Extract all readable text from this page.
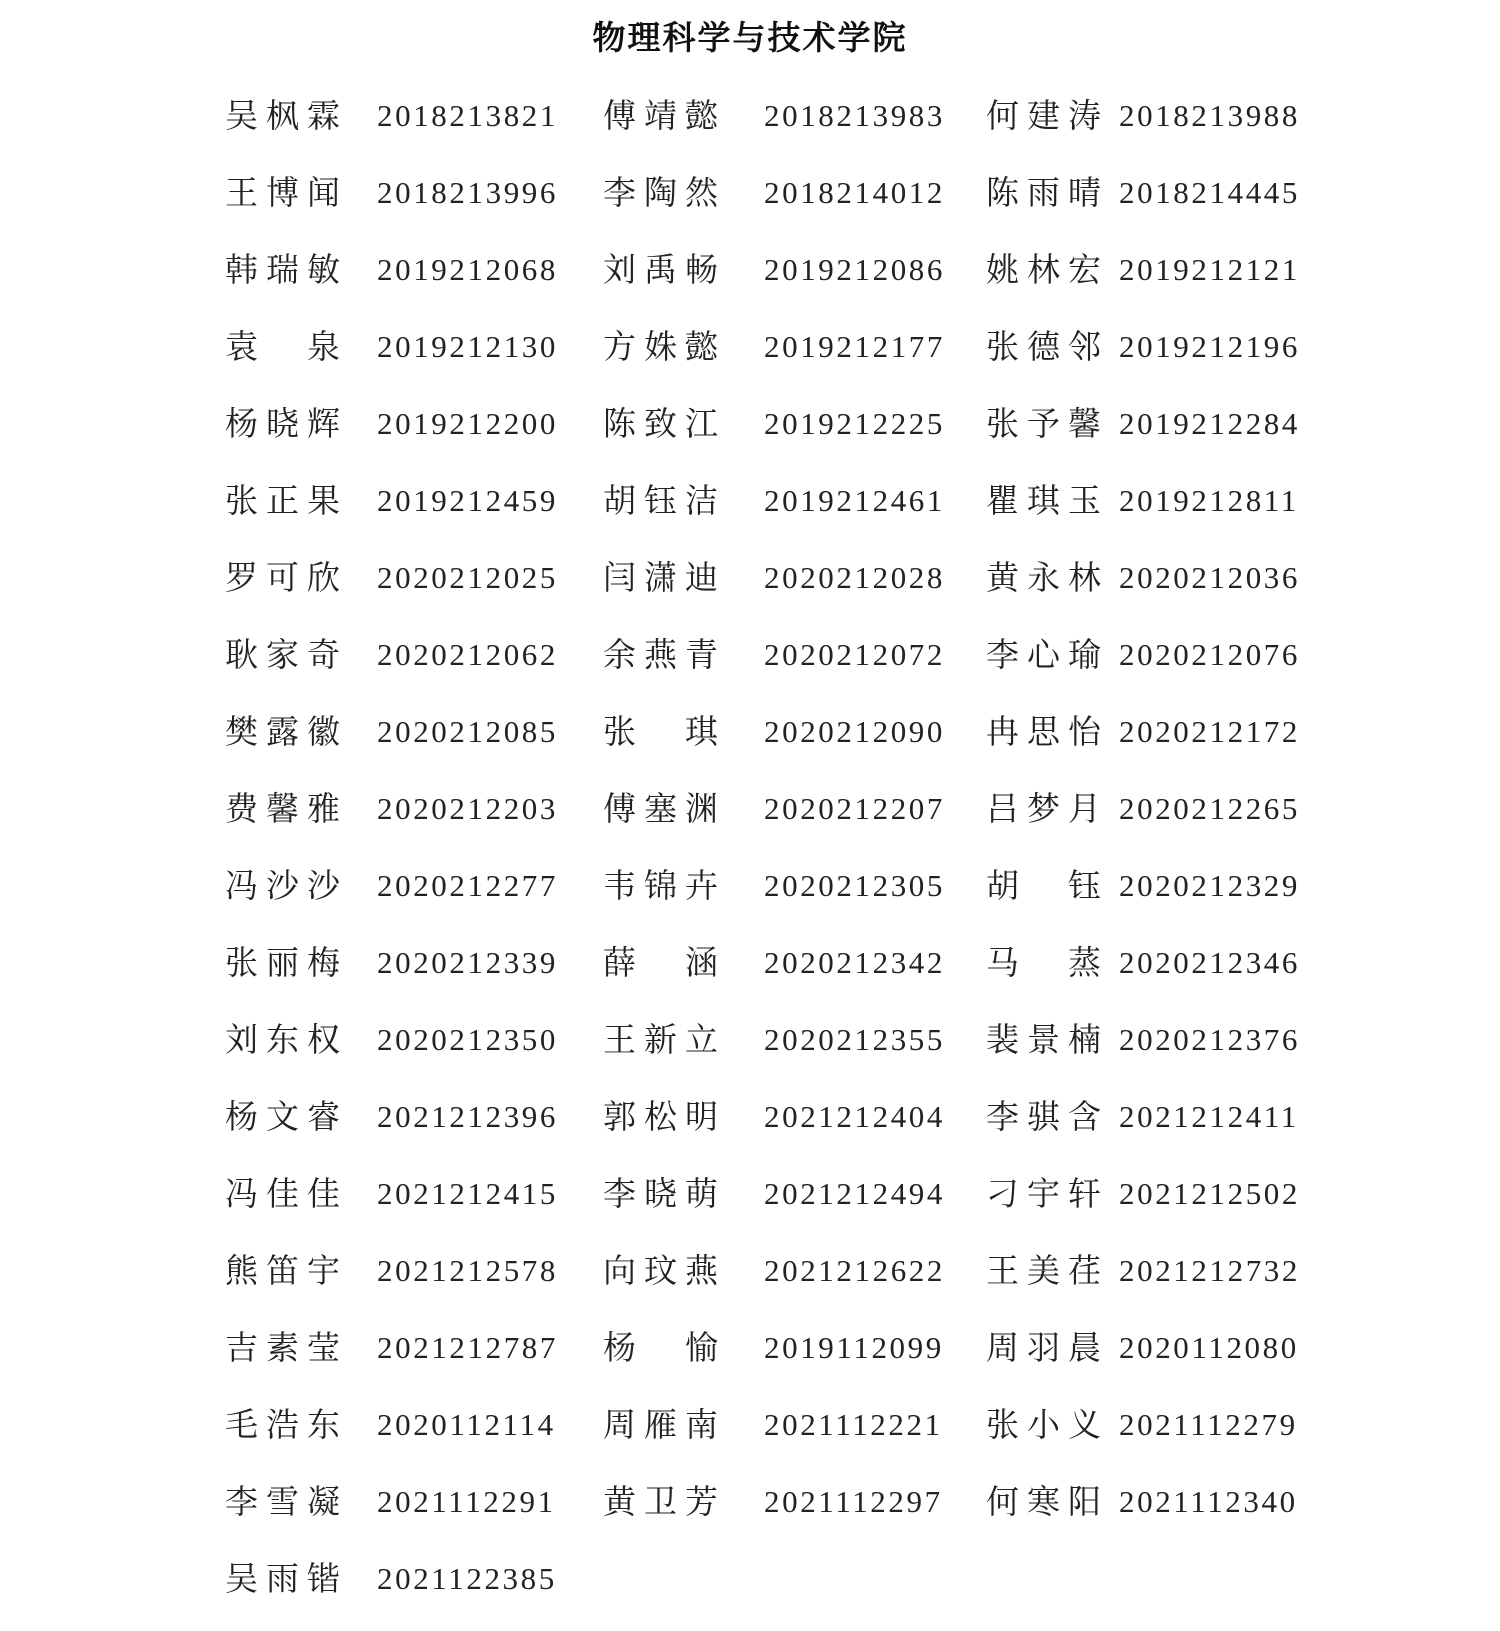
物理科学与技术学院
吴枫霖 2018213821 傅靖懿 2018213983 何建涛 2018213988
王博闻 2018213996 李陶然 2018214012 陈雨晴 2018214445
韩瑞敏 2019212068 刘禹畅 2019212086 姚林宏 2019212121
袁　泉 2019212130 方姝懿 2019212177 张德邻 2019212196
杨晓辉 2019212200 陈致江 2019212225 张予馨 2019212284
张正果 2019212459 胡钰洁 2019212461 瞿琪玉 2019212811
罗可欣 2020212025 闫潇迪 2020212028 黄永林 2020212036
耿家奇 2020212062 余燕青 2020212072 李心瑜 2020212076
樊露徽 2020212085 张　琪 2020212090 冉思怡 2020212172
费馨雅 2020212203 傅塞渊 2020212207 吕梦月 2020212265
冯沙沙 2020212277 韦锦卉 2020212305 胡　钰 2020212329
张丽梅 2020212339 薛　涵 2020212342 马　蒸 2020212346
刘东权 2020212350 王新立 2020212355 裴景楠 2020212376
杨文睿 2021212396 郭松明 2021212404 李骐含 2021212411
冯佳佳 2021212415 李晓萌 2021212494 刁宇轩 2021212502
熊笛宇 2021212578 向玟燕 2021212622 王美荏 2021212732
吉素莹 2021212787 杨　愉 2019112099 周羽晨 2020112080
毛浩东 2020112114 周雁南 2021112221 张小义 2021112279
李雪凝 2021112291 黄卫芳 2021112297 何寒阳 2021112340
吴雨锴 2021122385
